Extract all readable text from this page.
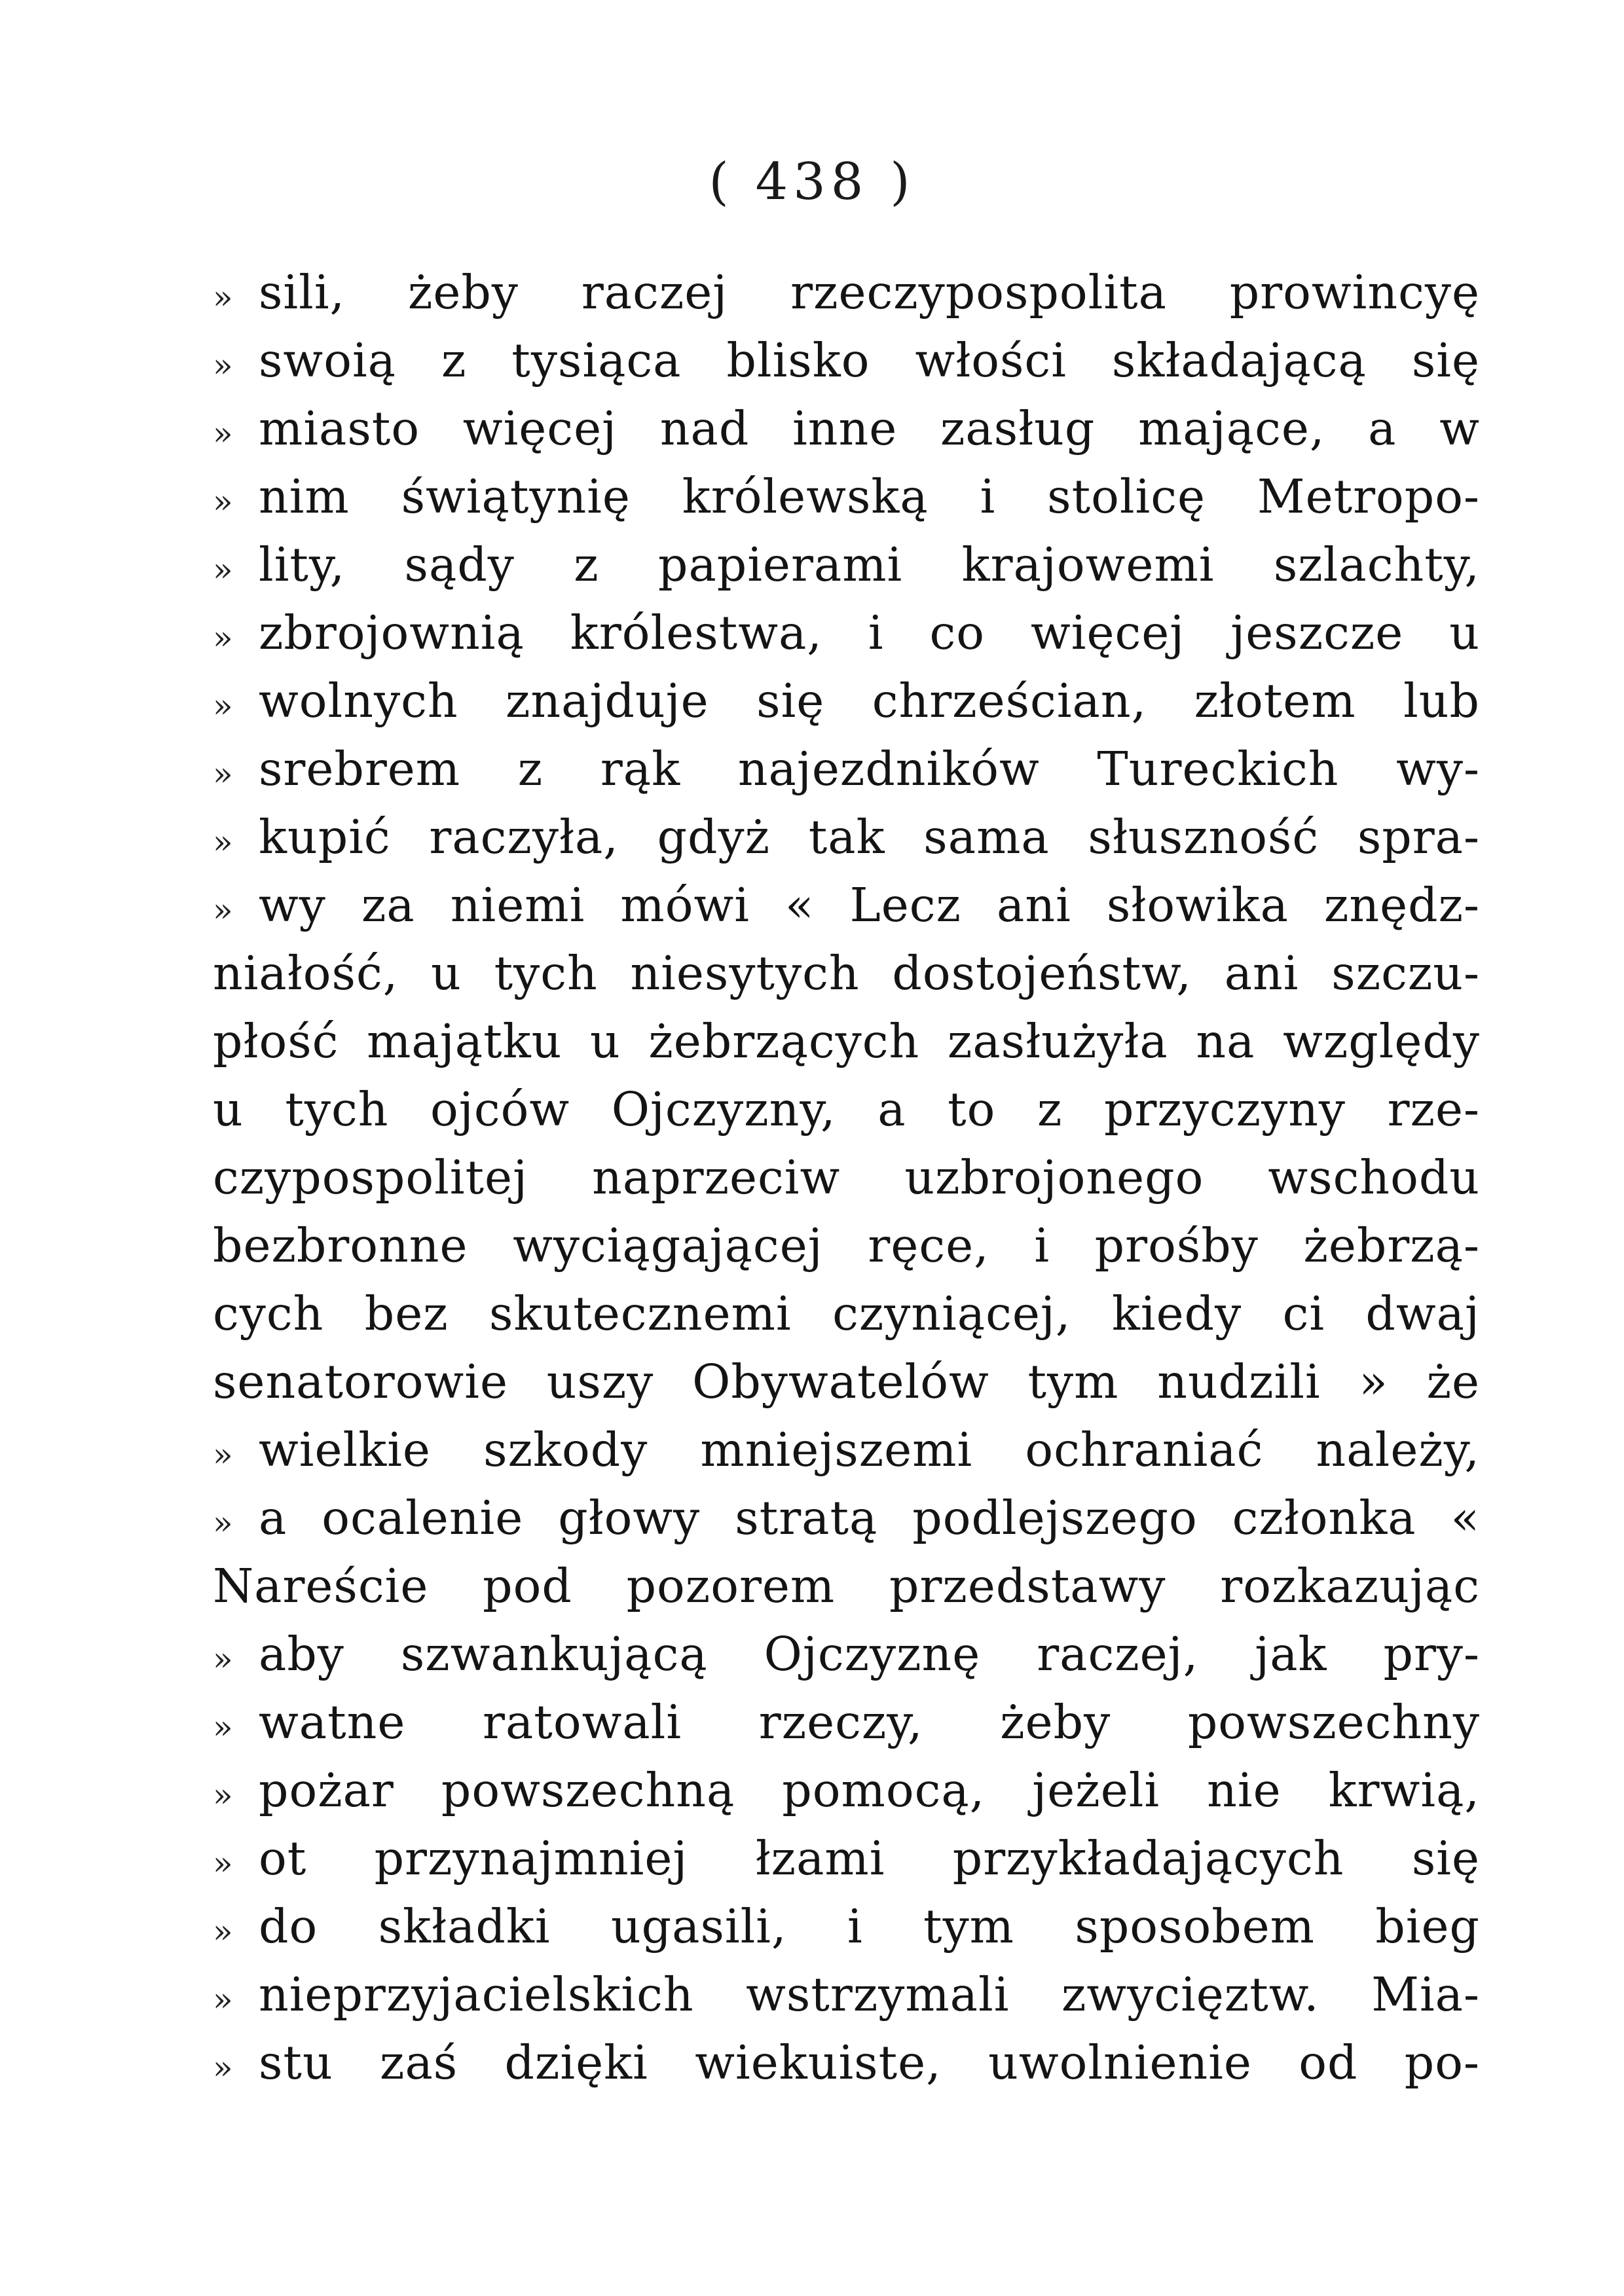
( 438 )
» sili, żeby raczej rzeczypospolita prowincyę
» swoią z tysiąca blisko włości składającą się
» miasto więcej nad inne zasług mające, a w
» nim świątynię królewską i stolicę Metropo-
» lity, sądy z papierami krajowemi szlachty,
» zbrojownią królestwa, i co więcej jeszcze u
» wolnych znajduje się chrześcian, złotem lub
» srebrem z rąk najezdników Tureckich wy-
» kupić raczyła, gdyż tak sama słuszność spra-
» wy za niemi mówi « Lecz ani słowika znędz-
niałość, u tych niesytych dostojeństw, ani szczu-
płość majątku u żebrzących zasłużyła na względy
u tych ojców Ojczyzny, a to z przyczyny rze-
czypospolitej naprzeciw uzbrojonego wschodu
bezbronne wyciągającej ręce, i prośby żebrzą-
cych bez skutecznemi czyniącej, kiedy ci dwaj
senatorowie uszy Obywatelów tym nudzili » że
» wielkie szkody mniejszemi ochraniać należy,
» a ocalenie głowy stratą podlejszego członka «
Nareście pod pozorem przedstawy rozkazując
» aby szwankującą Ojczyznę raczej, jak pry-
» watne ratowali rzeczy, żeby powszechny
» pożar powszechną pomocą, jeżeli nie krwią,
» ot przynajmniej łzami przykładających się
» do składki ugasili, i tym sposobem bieg
» nieprzyjacielskich wstrzymali zwycięztw. Mia-
» stu zaś dzięki wiekuiste, uwolnienie od po-
